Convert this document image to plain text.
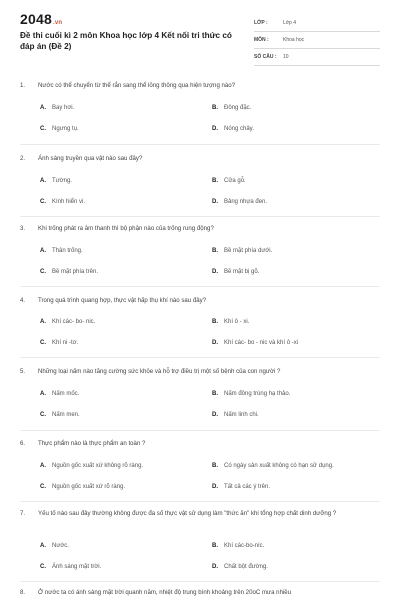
2048.vn
Đề thi cuối kì 2 môn Khoa học lớp 4 Kết nối tri thức có đáp án (Đề 2)
LỚP :	Lớp 4
MÔN :	Khoa học
SỐ CÂU :	10
1. Nước có thể chuyển từ thể rắn sang thể lỏng thông qua hiện tượng nào?
A. Bay hơi.	B. Đông đặc.
C. Ngưng tụ.	D. Nóng chảy.
2. Ánh sáng truyền qua vật nào sau đây?
A. Tường.	B. Cửa gỗ.
C. Kính hiển vi.	D. Bảng nhựa đen.
3. Khi trống phát ra âm thanh thì bộ phận nào của trống rung động?
A. Thân trống.	B. Bề mặt phía dưới.
C. Bề mặt phía trên.	D. Bề mặt bị gõ.
4. Trong quá trình quang hợp, thực vật hấp thụ khí nào sau đây?
A. Khí các- bo- nic.	B. Khí ô - xi.
C. Khí ni -tơ.	D. Khí các- bo - nic và khí ô -xi
5. Những loại nấm nào tăng cường sức khỏe và hỗ trợ điều trị một số bệnh của con người ?
A. Nấm mốc.	B. Nấm đông trùng hạ thảo.
C. Nấm men.	D. Nấm linh chi.
6. Thực phẩm nào là thực phẩm an toàn ?
A. Nguồn gốc xuất xứ không rõ ràng.	B. Có ngày sản xuất không có hạn sử dụng.
C. Nguồn gốc xuất xứ rõ ràng.	D. Tất cả các ý trên.
7. Yếu tố nào sau đây thường không được đa số thực vật sử dụng làm "thức ăn" khi tổng hợp chất dinh dưỡng ?
A. Nước.	B. Khí các-bo-níc.
C. Ánh sáng mặt trời.	D. Chất bột đường.
8. Ở nước ta có ánh sáng mặt trời quanh năm, nhiệt độ trung bình khoảng trên 20oC mưa nhiều
